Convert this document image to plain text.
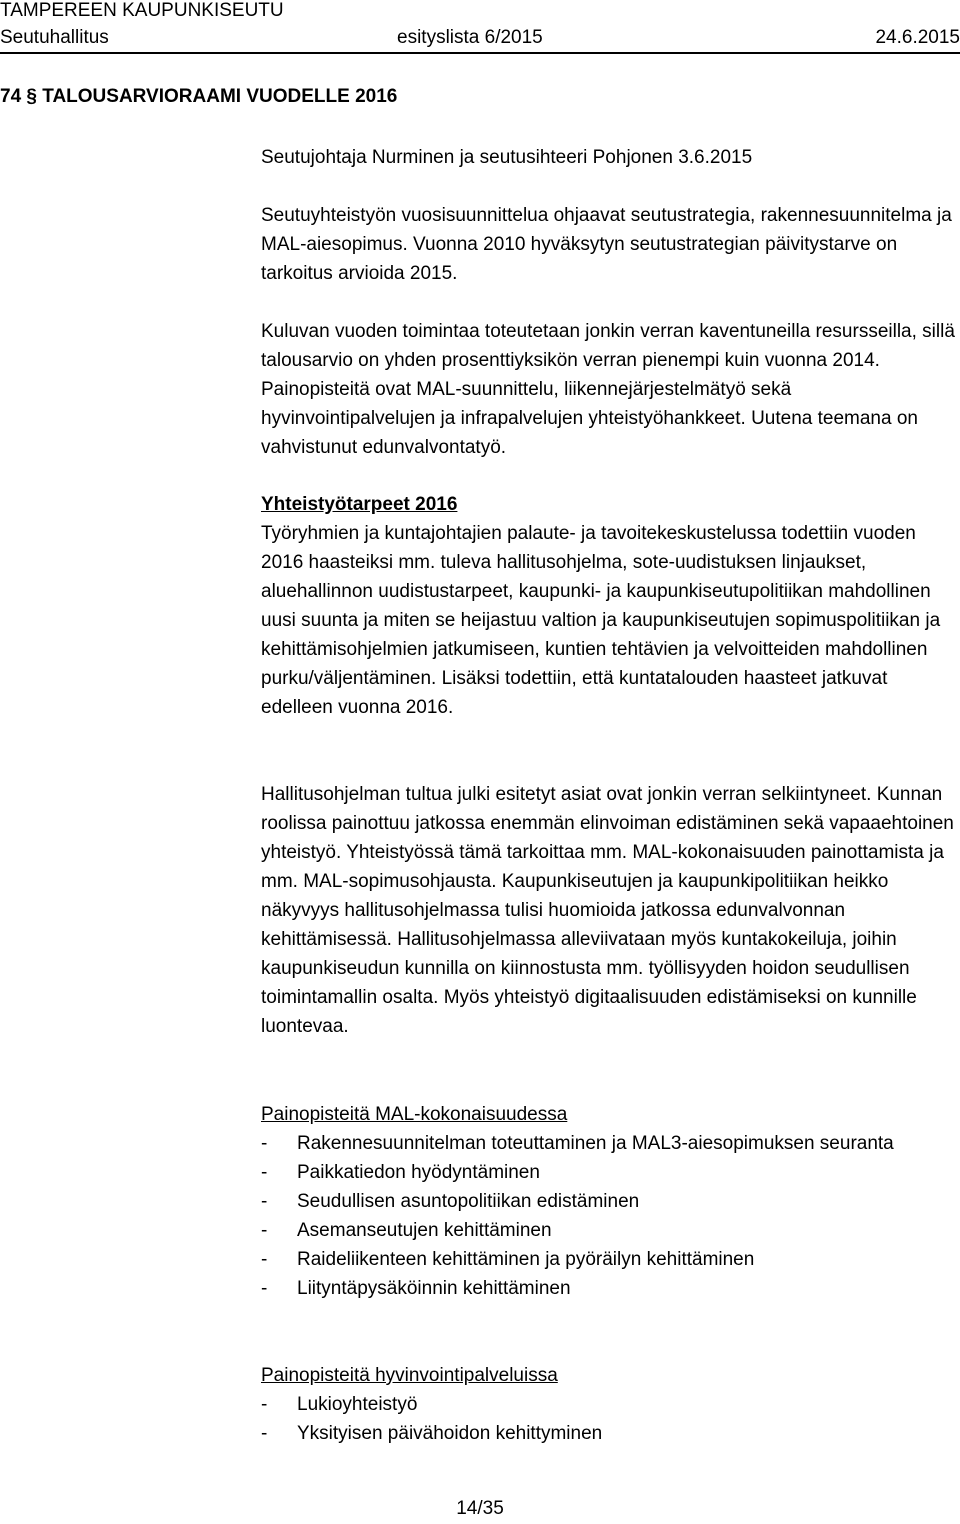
TAMPEREEN KAUPUNKISEUTU
Seutuhallitus	esityslista 6/2015	24.6.2015
74 § TALOUSARVIORAAMI VUODELLE 2016
Seutujohtaja Nurminen ja seutusihteeri Pohjonen 3.6.2015
Seutuyhteistyön vuosisuunnittelua ohjaavat seutustrategia, rakennesuunnitelma ja MAL-aiesopimus. Vuonna 2010 hyväksytyn seutustrategian päivitystarve on tarkoitus arvioida 2015.
Kuluvan vuoden toimintaa toteutetaan jonkin verran kaventuneilla resursseilla, sillä talousarvio on yhden prosenttiyksikön verran pienempi kuin vuonna 2014. Painopisteitä ovat MAL-suunnittelu, liikennejärjestelmätyö sekä hyvinvointipalvelujen ja infrapalvelujen yhteistyöhankkeet. Uutena teemana on vahvistunut edunvalvontatyö.
Yhteistyötarpeet 2016
Työryhmien ja kuntajohtajien palaute- ja tavoitekeskustelussa todettiin vuoden 2016 haasteiksi mm. tuleva hallitusohjelma, sote-uudistuksen linjaukset, aluehallinnon uudistustarpeet, kaupunki- ja kaupunkiseutupolitiikan mahdollinen uusi suunta ja miten se heijastuu valtion ja kaupunkiseutujen sopimuspolitiikan ja kehittämisohjelmien jatkumiseen, kuntien tehtävien ja velvoitteiden mahdollinen purku/väljentäminen. Lisäksi todettiin, että kuntatalouden haasteet jatkuvat edelleen vuonna 2016.
Hallitusohjelman tultua julki esitetyt asiat ovat jonkin verran selkiintyneet. Kunnan roolissa painottuu jatkossa enemmän elinvoiman edistäminen sekä vapaaehtoinen yhteistyö. Yhteistyössä tämä tarkoittaa mm. MAL-kokonaisuuden painottamista ja mm. MAL-sopimusohjausta. Kaupunkiseutujen ja kaupunkipolitiikan heikko näkyvyys hallitusohjelmassa tulisi huomioida jatkossa edunvalvonnan kehittämisessä. Hallitusohjelmassa alleviivataan myös kuntakokeiluja, joihin kaupunkiseudun kunnilla on kiinnostusta mm. työllisyyden hoidon seudullisen toimintamallin osalta. Myös yhteistyö digitaalisuuden edistämiseksi on kunnille luontevaa.
Painopisteitä MAL-kokonaisuudessa
- Rakennesuunnitelman toteuttaminen ja MAL3-aiesopimuksen seuranta
- Paikkatiedon hyödyntäminen
- Seudullisen asuntopolitiikan edistäminen
- Asemanseutujen kehittäminen
- Raideliikenteen kehittäminen ja pyöräilyn kehittäminen
- Liityntäpysäköinnin kehittäminen
Painopisteitä hyvinvointipalveluissa
- Lukioyhteistyö
- Yksityisen päivähoidon kehittyminen
14/35
